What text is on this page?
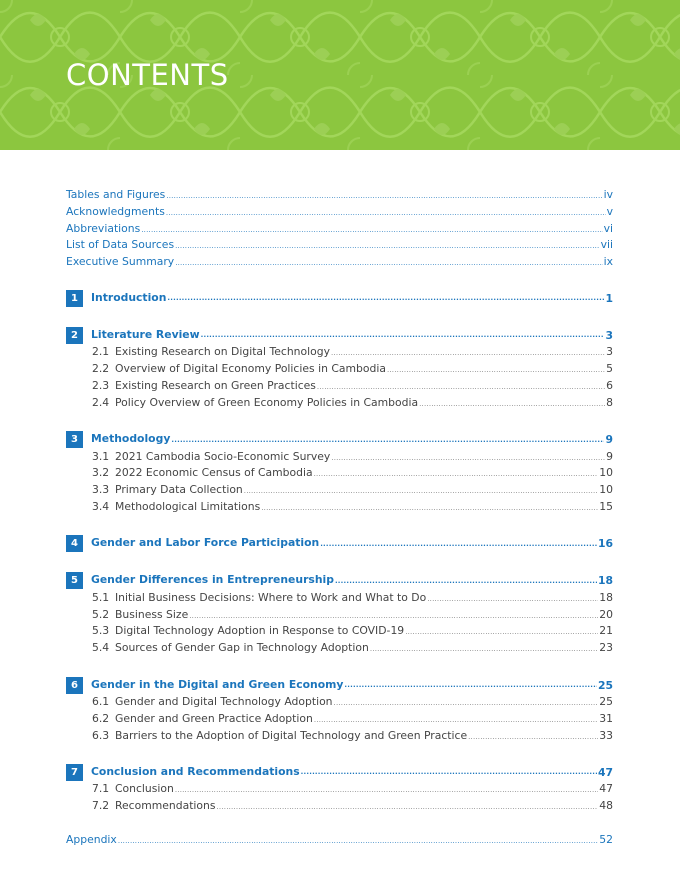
CONTENTS
Tables and Figures .....	iv
Acknowledgments .....	v
Abbreviations .....	vi
List of Data Sources .....	vii
Executive Summary .....	ix
1 Introduction .....	1
2 Literature Review .....	3
2.1 Existing Research on Digital Technology .....	3
2.2 Overview of Digital Economy Policies in Cambodia .....	5
2.3 Existing Research on Green Practices .....	6
2.4 Policy Overview of Green Economy Policies in Cambodia .....	8
3 Methodology .....	9
3.1 2021 Cambodia Socio-Economic Survey .....	9
3.2 2022 Economic Census of Cambodia .....	10
3.3 Primary Data Collection .....	10
3.4 Methodological Limitations .....	15
4 Gender and Labor Force Participation .....	16
5 Gender Differences in Entrepreneurship .....	18
5.1 Initial Business Decisions: Where to Work and What to Do .....	18
5.2 Business Size .....	20
5.3 Digital Technology Adoption in Response to COVID-19 .....	21
5.4 Sources of Gender Gap in Technology Adoption .....	23
6 Gender in the Digital and Green Economy .....	25
6.1 Gender and Digital Technology Adoption .....	25
6.2 Gender and Green Practice Adoption .....	31
6.3 Barriers to the Adoption of Digital Technology and Green Practice .....	33
7 Conclusion and Recommendations .....	47
7.1 Conclusion .....	47
7.2 Recommendations .....	48
Appendix .....	52
